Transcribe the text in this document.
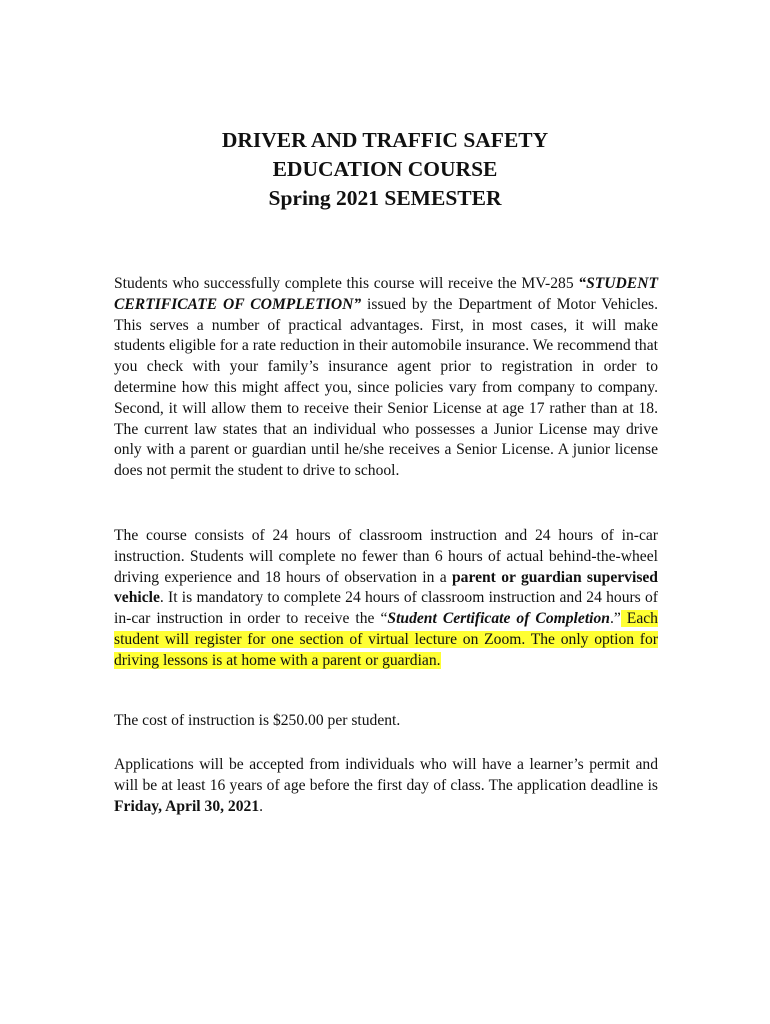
DRIVER AND TRAFFIC SAFETY
EDUCATION COURSE
Spring 2021 SEMESTER
Students who successfully complete this course will receive the MV-285 “STUDENT CERTIFICATE OF COMPLETION” issued by the Department of Motor Vehicles. This serves a number of practical advantages. First, in most cases, it will make students eligible for a rate reduction in their automobile insurance. We recommend that you check with your family’s insurance agent prior to registration in order to determine how this might affect you, since policies vary from company to company. Second, it will allow them to receive their Senior License at age 17 rather than at 18. The current law states that an individual who possesses a Junior License may drive only with a parent or guardian until he/she receives a Senior License. A junior license does not permit the student to drive to school.
The course consists of 24 hours of classroom instruction and 24 hours of in-car instruction. Students will complete no fewer than 6 hours of actual behind-the-wheel driving experience and 18 hours of observation in a parent or guardian supervised vehicle. It is mandatory to complete 24 hours of classroom instruction and 24 hours of in-car instruction in order to receive the “Student Certificate of Completion.” Each student will register for one section of virtual lecture on Zoom. The only option for driving lessons is at home with a parent or guardian.
The cost of instruction is $250.00 per student.
Applications will be accepted from individuals who will have a learner’s permit and will be at least 16 years of age before the first day of class. The application deadline is Friday, April 30, 2021.
